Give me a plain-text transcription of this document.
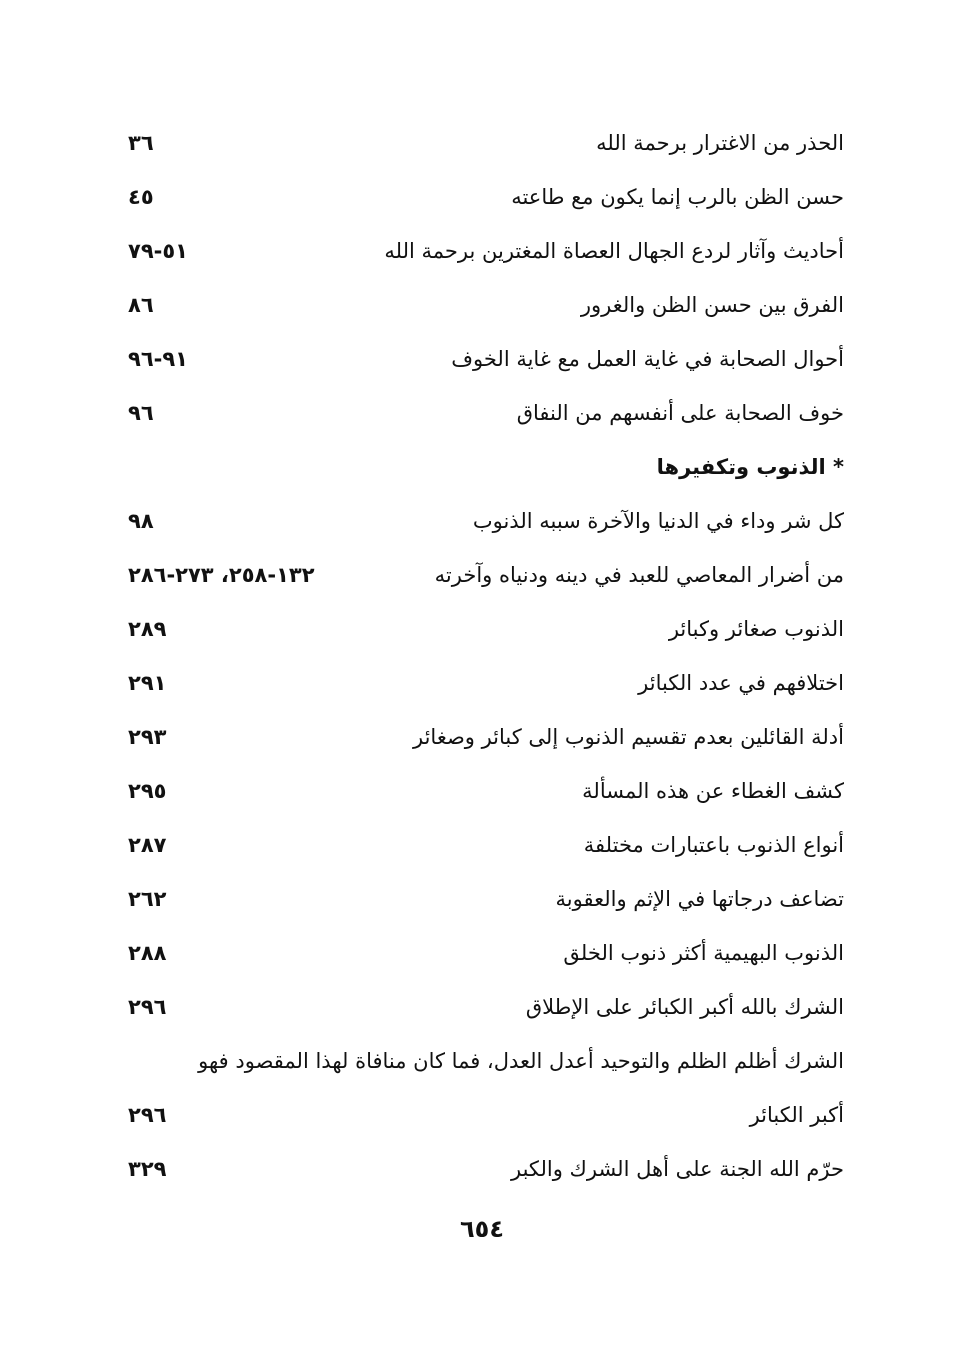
الحذر من الاغترار برحمة الله
٣٦
حسن الظن بالرب إنما يكون مع طاعته
٤٥
أحاديث وآثار لردع الجهال العصاة المغترين برحمة الله
٥١-٧٩
الفرق بين حسن الظن والغرور
٨٦
أحوال الصحابة في غاية العمل مع غاية الخوف
٩١-٩٦
خوف الصحابة على أنفسهم من النفاق
٩٦
* الذنوب وتكفيرها
كل شر وداء في الدنيا والآخرة سببه الذنوب
٩٨
من أضرار المعاصي للعبد في دينه ودنياه وآخرته
١٣٢-٢٥٨، ٢٧٣-٢٨٦
الذنوب صغائر وكبائر
٢٨٩
اختلافهم في عدد الكبائر
٢٩١
أدلة القائلين بعدم تقسيم الذنوب إلى كبائر وصغائر
٢٩٣
كشف الغطاء عن هذه المسألة
٢٩٥
أنواع الذنوب باعتبارات مختلفة
٢٨٧
تضاعف درجاتها في الإثم والعقوبة
٢٦٢
الذنوب البهيمية أكثر ذنوب الخلق
٢٨٨
الشرك بالله أكبر الكبائر على الإطلاق
٢٩٦
الشرك أظلم الظلم والتوحيد أعدل العدل، فما كان منافاة لهذا المقصود فهو
أكبر الكبائر
٢٩٦
حرّم الله الجنة على أهل الشرك والكبر
٣٢٩
٦٥٤
